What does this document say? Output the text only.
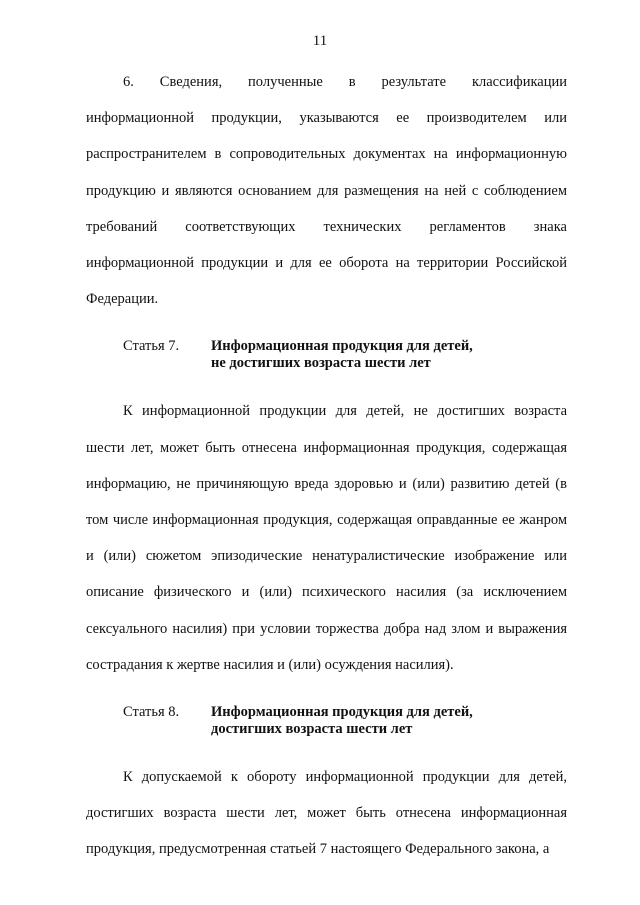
11

6. Сведения, полученные в результате классификации информационной продукции, указываются ее производителем или распространителем в сопроводительных документах на информационную продукцию и являются основанием для размещения на ней с соблюдением требований соответствующих технических регламентов знака информационной продукции и для ее оборота на территории Российской Федерации.

Статья 7.	Информационная продукция для детей,
не достигших возраста шести лет

К информационной продукции для детей, не достигших возраста шести лет, может быть отнесена информационная продукция, содержащая информацию, не причиняющую вреда здоровью и (или) развитию детей (в том числе информационная продукция, содержащая оправданные ее жанром и (или) сюжетом эпизодические ненатуралистические изображение или описание физического и (или) психического насилия (за исключением сексуального насилия) при условии торжества добра над злом и выражения сострадания к жертве насилия и (или) осуждения насилия).

Статья 8.	Информационная продукция для детей,
достигших возраста шести лет

К допускаемой к обороту информационной продукции для детей, достигших возраста шести лет, может быть отнесена информационная продукция, предусмотренная статьей 7 настоящего Федерального закона, а
